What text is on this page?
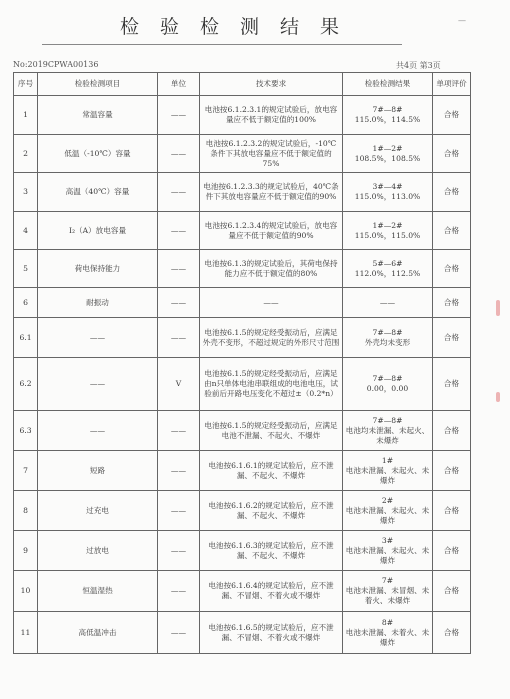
—
检验检测结果
No:2019CPWA00136	共4页 第3页
序号	检验检测项目	单位	技术要求	检验检测结果	单项评价
1	常温容量	——	电池按6.1.2.3.1的规定试验后，放电容量应不低于额定值的100%	7#—8#
115.0%，114.5%	合格
2	低温（-10℃）容量	——	电池按6.1.2.3.2的规定试验后，-10℃条件下其放电容量应不低于额定值的75%	1#—2#
108.5%，108.5%	合格
3	高温（40℃）容量	——	电池按6.1.2.3.3的规定试验后，40℃条件下其放电容量应不低于额定值的90%	3#—4#
115.0%，113.0%	合格
4	I₂（A）放电容量	——	电池按6.1.2.3.4的规定试验后，放电容量应不低于额定值的90%	1#—2#
115.0%，115.0%	合格
5	荷电保持能力	——	电池按6.1.3的规定试验后，其荷电保持能力应不低于额定值的80%	5#—6#
112.0%，112.5%	合格
6	耐振动	——	——	——	合格
6.1	——	——	电池按6.1.5的规定经受振动后，应满足外壳不变形，不超过规定的外形尺寸范围	7#—8#
外壳均未变形	合格
6.2	——	V	电池按6.1.5的规定经受振动后，应满足由n只单体电池串联组成的电池电压，试验前后开路电压变化不超过±（0.2*n）	7#—8#
0.00，0.00	合格
6.3	——	——	电池按6.1.5的规定经受振动后，应满足电池不泄漏、不起火、不爆炸	7#—8#
电池均未泄漏、未起火、未爆炸	合格
7	短路	——	电池按6.1.6.1的规定试验后，应不泄漏、不起火、不爆炸	1#
电池未泄漏、未起火、未爆炸	合格
8	过充电	——	电池按6.1.6.2的规定试验后，应不泄漏、不起火、不爆炸	2#
电池未泄漏、未起火、未爆炸	合格
9	过放电	——	电池按6.1.6.3的规定试验后，应不泄漏、不起火、不爆炸	3#
电池未泄漏、未起火、未爆炸	合格
10	恒温湿热	——	电池按6.1.6.4的规定试验后，应不泄漏、不冒烟、不着火或不爆炸	7#
电池未泄漏、未冒烟、未着火、未爆炸	合格
11	高低温冲击	——	电池按6.1.6.5的规定试验后，应不泄漏、不冒烟、不着火或不爆炸	8#
电池未泄漏、未着火、未爆炸	合格
